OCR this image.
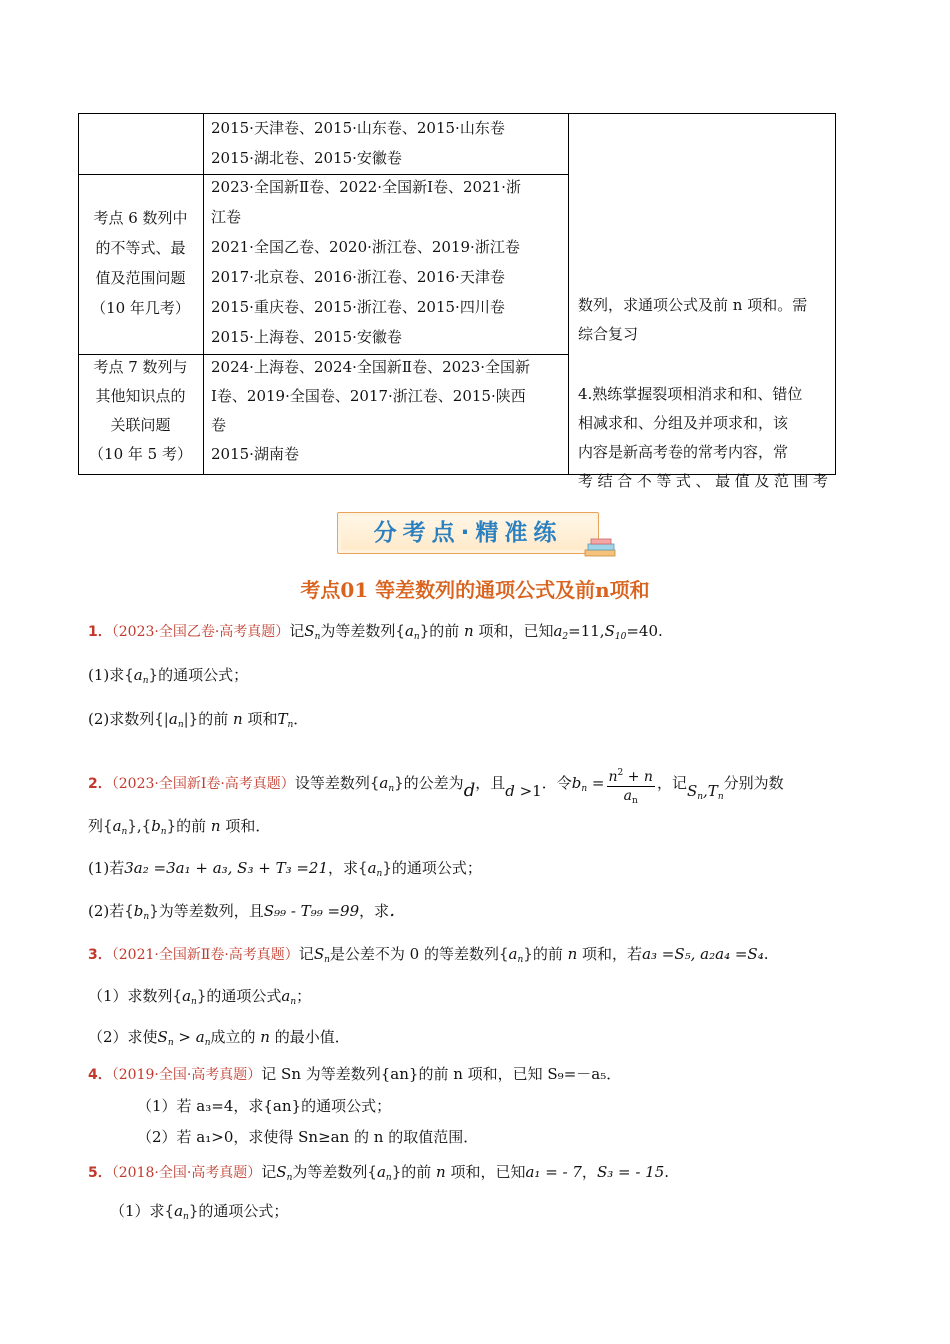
2015·天津卷、2015·山东卷、2015·山东卷
2015·湖北卷、2015·安徽卷
考点 6 数列中
的不等式、最
值及范围问题
（10 年几考）
2023·全国新Ⅱ卷、2022·全国新Ⅰ卷、2021·浙
江卷
2021·全国乙卷、2020·浙江卷、2019·浙江卷
2017·北京卷、2016·浙江卷、2016·天津卷
2015·重庆卷、2015·浙江卷、2015·四川卷
2015·上海卷、2015·安徽卷
考点 7 数列与
其他知识点的
关联问题
（10 年 5 考）
2024·上海卷、2024·全国新Ⅱ卷、2023·全国新
Ⅰ卷、2019·全国卷、2017·浙江卷、2015·陕西
卷
2015·湖南卷
数列，求通项公式及前 n 项和。需
综合复习
4.熟练掌握裂项相消求和和、错位
相减求和、分组及并项求和，该
内容是新高考卷的常考内容，常
考结合不等式、最值及范围考
分考点·精准练
考点01 等差数列的通项公式及前n项和
1．（2023·全国乙卷·高考真题）记$S_n$为等差数列$\{a_n\}$的前 n 项和，已知$a_2=11,S_{10}=40$.
(1)求$\{a_n\}$的通项公式；
(2)求数列$\{|a_n|\}$的前 n 项和$T_n$．
2．（2023·全国新Ⅰ卷·高考真题）设等差数列$\{a_n\}$的公差为d，且d >1．令$b_n = \frac{n^2 + n}{a_n}$ ，记$S_n,T_n$分别为数
列$\{a_n\},\{b_n\}$的前 n 项和．
(1)若3a₂ =3a₁ + a₃, S₃ + T₃ =21，求$\{a_n\}$的通项公式；
(2)若$\{b_n\}$为等差数列，且S₉₉ - T₉₉ =99，求．
3．（2021·全国新Ⅱ卷·高考真题）记$S_n$是公差不为 0 的等差数列$\{a_n\}$的前 n 项和，若a₃ =S₅, a₂a₄ =S₄.
（1）求数列$\{a_n\}$的通项公式$a_n$；
（2）求使$S_n > a_n$成立的 n 的最小值．
4．（2019·全国·高考真题）记 Sn 为等差数列{an}的前 n 项和，已知 S₉=－a₅．
（1）若 a₃=4，求{an}的通项公式；
（2）若 a₁>0，求使得 Sn≥an 的 n 的取值范围．
5．（2018·全国·高考真题）记$S_n$为等差数列$\{a_n\}$的前 n 项和，已知a₁ = - 7，S₃ = - 15.
（1）求$\{a_n\}$的通项公式；
